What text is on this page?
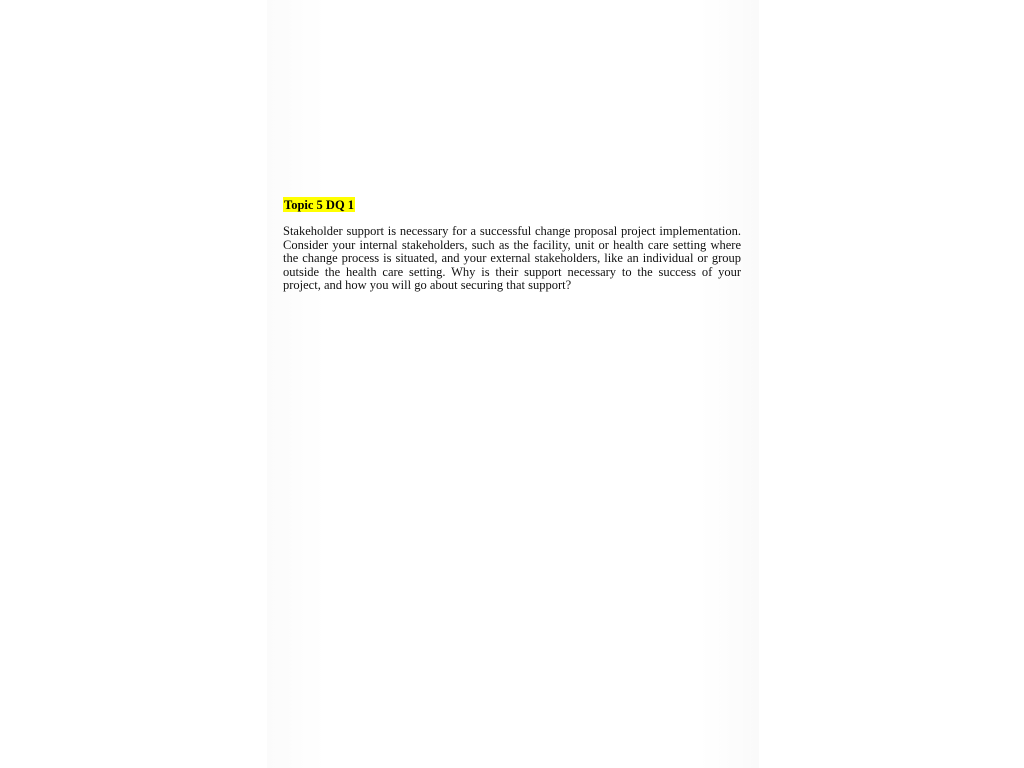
Topic 5 DQ 1

Stakeholder support is necessary for a successful change proposal project implementation. Consider your internal stakeholders, such as the facility, unit or health care setting where the change process is situated, and your external stakeholders, like an individual or group outside the health care setting. Why is their support necessary to the success of your project, and how you will go about securing that support?
